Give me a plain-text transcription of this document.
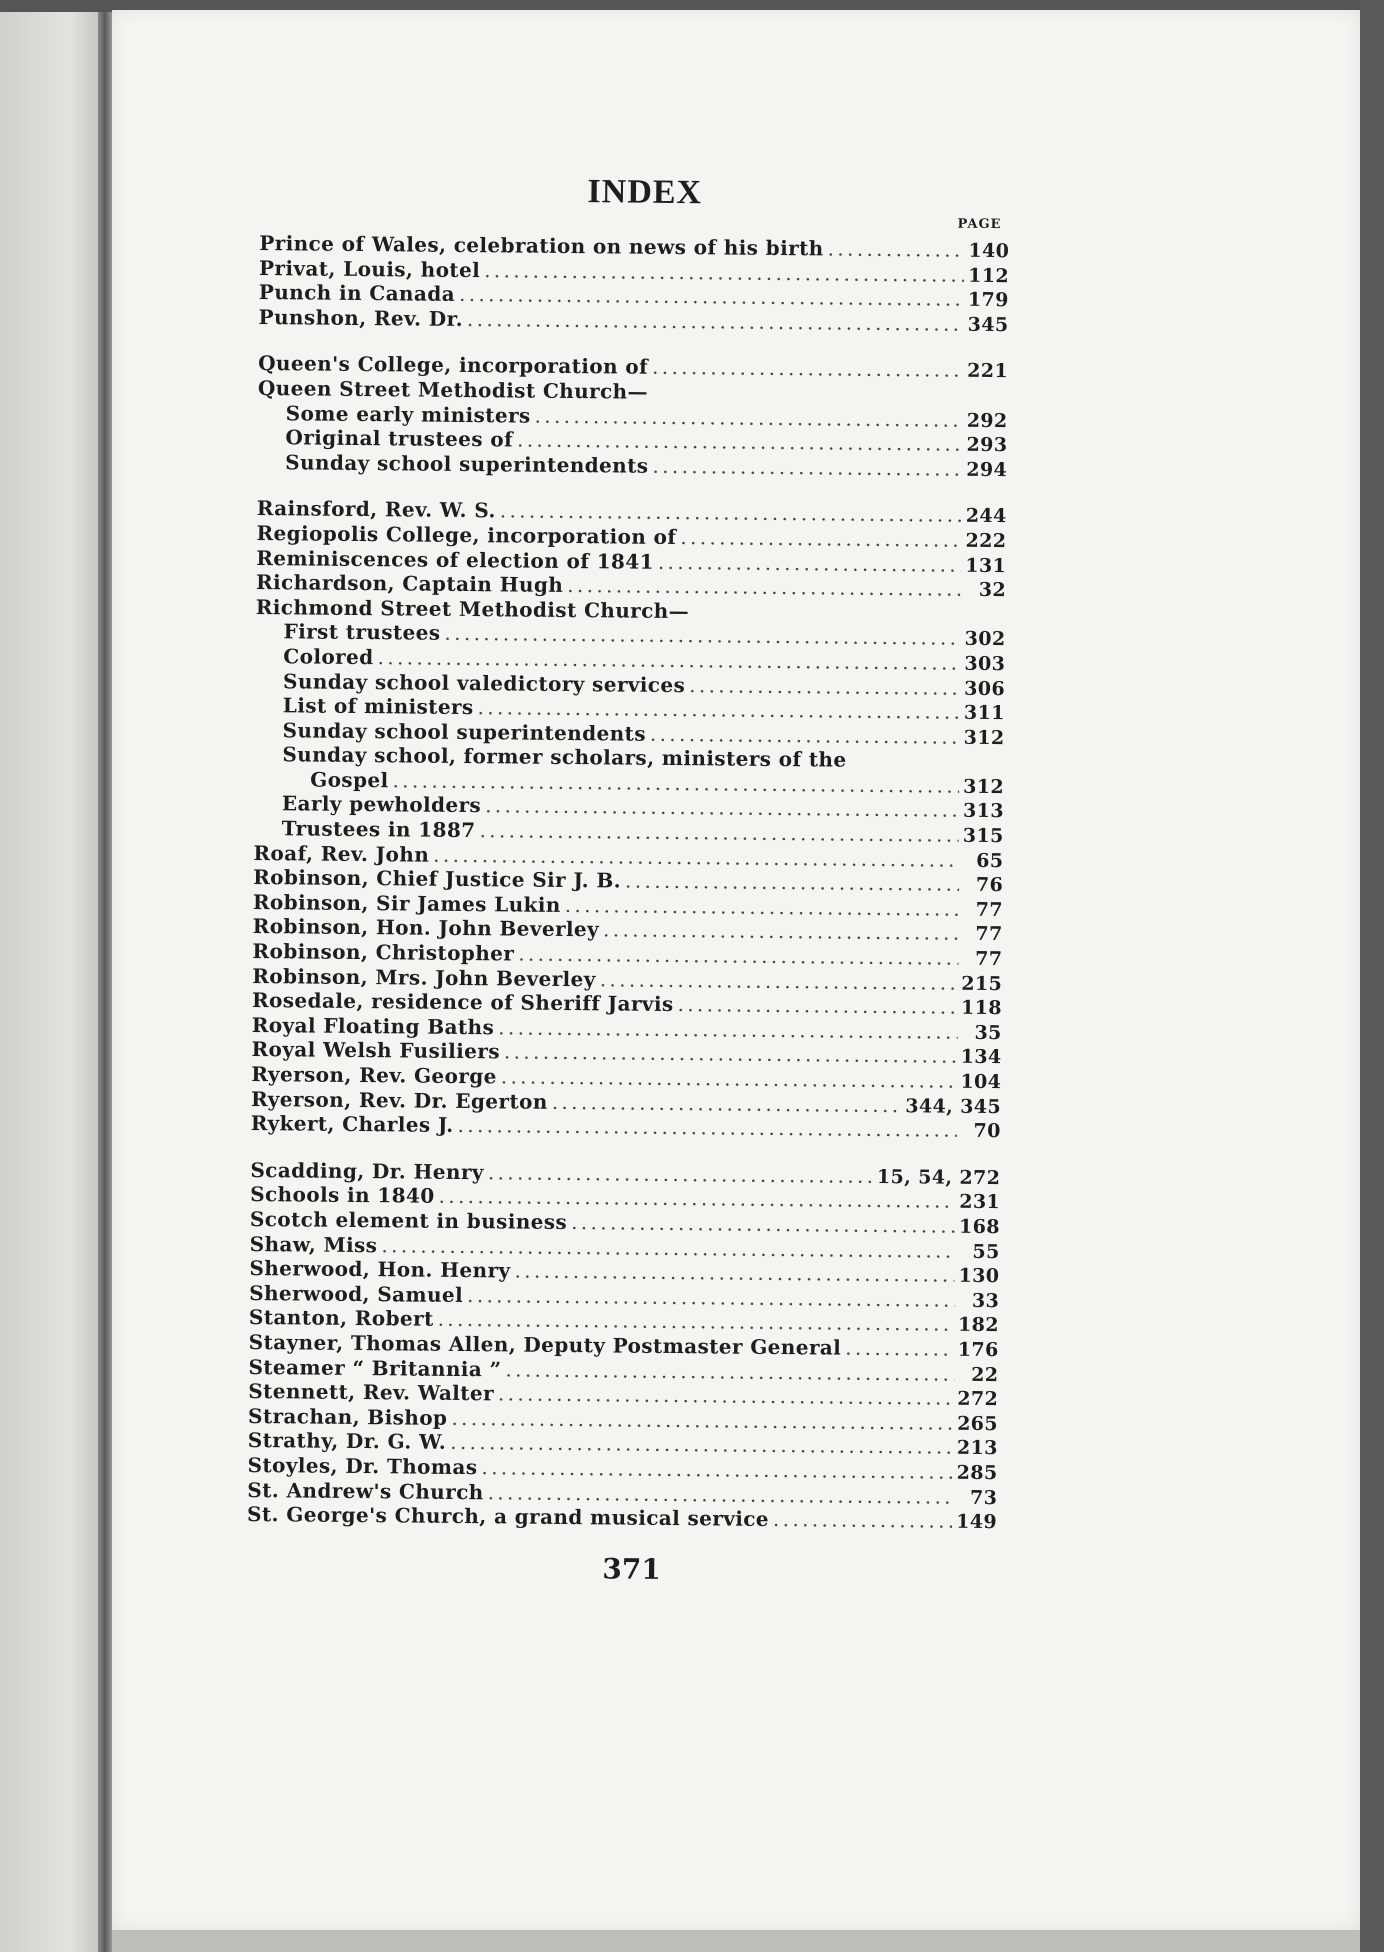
INDEX
PAGE
Prince of Wales, celebration on news of his birth . . .	140
Privat, Louis, hotel . . .	112
Punch in Canada . . .	179
Punshon, Rev. Dr. . . .	345
Queen's College, incorporation of . . .	221
Queen Street Methodist Church—
Some early ministers . . .	292
Original trustees of . . .	293
Sunday school superintendents . . .	294
Rainsford, Rev. W. S. . . .	244
Regiopolis College, incorporation of . . .	222
Reminiscences of election of 1841 . . .	131
Richardson, Captain Hugh . . .	32
Richmond Street Methodist Church—
First trustees . . .	302
Colored . . .	303
Sunday school valedictory services . . .	306
List of ministers . . .	311
Sunday school superintendents . . .	312
Sunday school, former scholars, ministers of the
Gospel . . .	312
Early pewholders . . .	313
Trustees in 1887 . . .	315
Roaf, Rev. John . . .	65
Robinson, Chief Justice Sir J. B. . . .	76
Robinson, Sir James Lukin . . .	77
Robinson, Hon. John Beverley . . .	77
Robinson, Christopher . . .	77
Robinson, Mrs. John Beverley . . .	215
Rosedale, residence of Sheriff Jarvis . . .	118
Royal Floating Baths . . .	35
Royal Welsh Fusiliers . . .	134
Ryerson, Rev. George . . .	104
Ryerson, Rev. Dr. Egerton . . .	344, 345
Rykert, Charles J. . . .	70
Scadding, Dr. Henry . . .	15, 54, 272
Schools in 1840 . . .	231
Scotch element in business . . .	168
Shaw, Miss . . .	55
Sherwood, Hon. Henry . . .	130
Sherwood, Samuel . . .	33
Stanton, Robert . . .	182
Stayner, Thomas Allen, Deputy Postmaster General . . .	176
Steamer “ Britannia ” . . .	22
Stennett, Rev. Walter . . .	272
Strachan, Bishop . . .	265
Strathy, Dr. G. W. . . .	213
Stoyles, Dr. Thomas . . .	285
St. Andrew's Church . . .	73
St. George's Church, a grand musical service . . .	149
371
